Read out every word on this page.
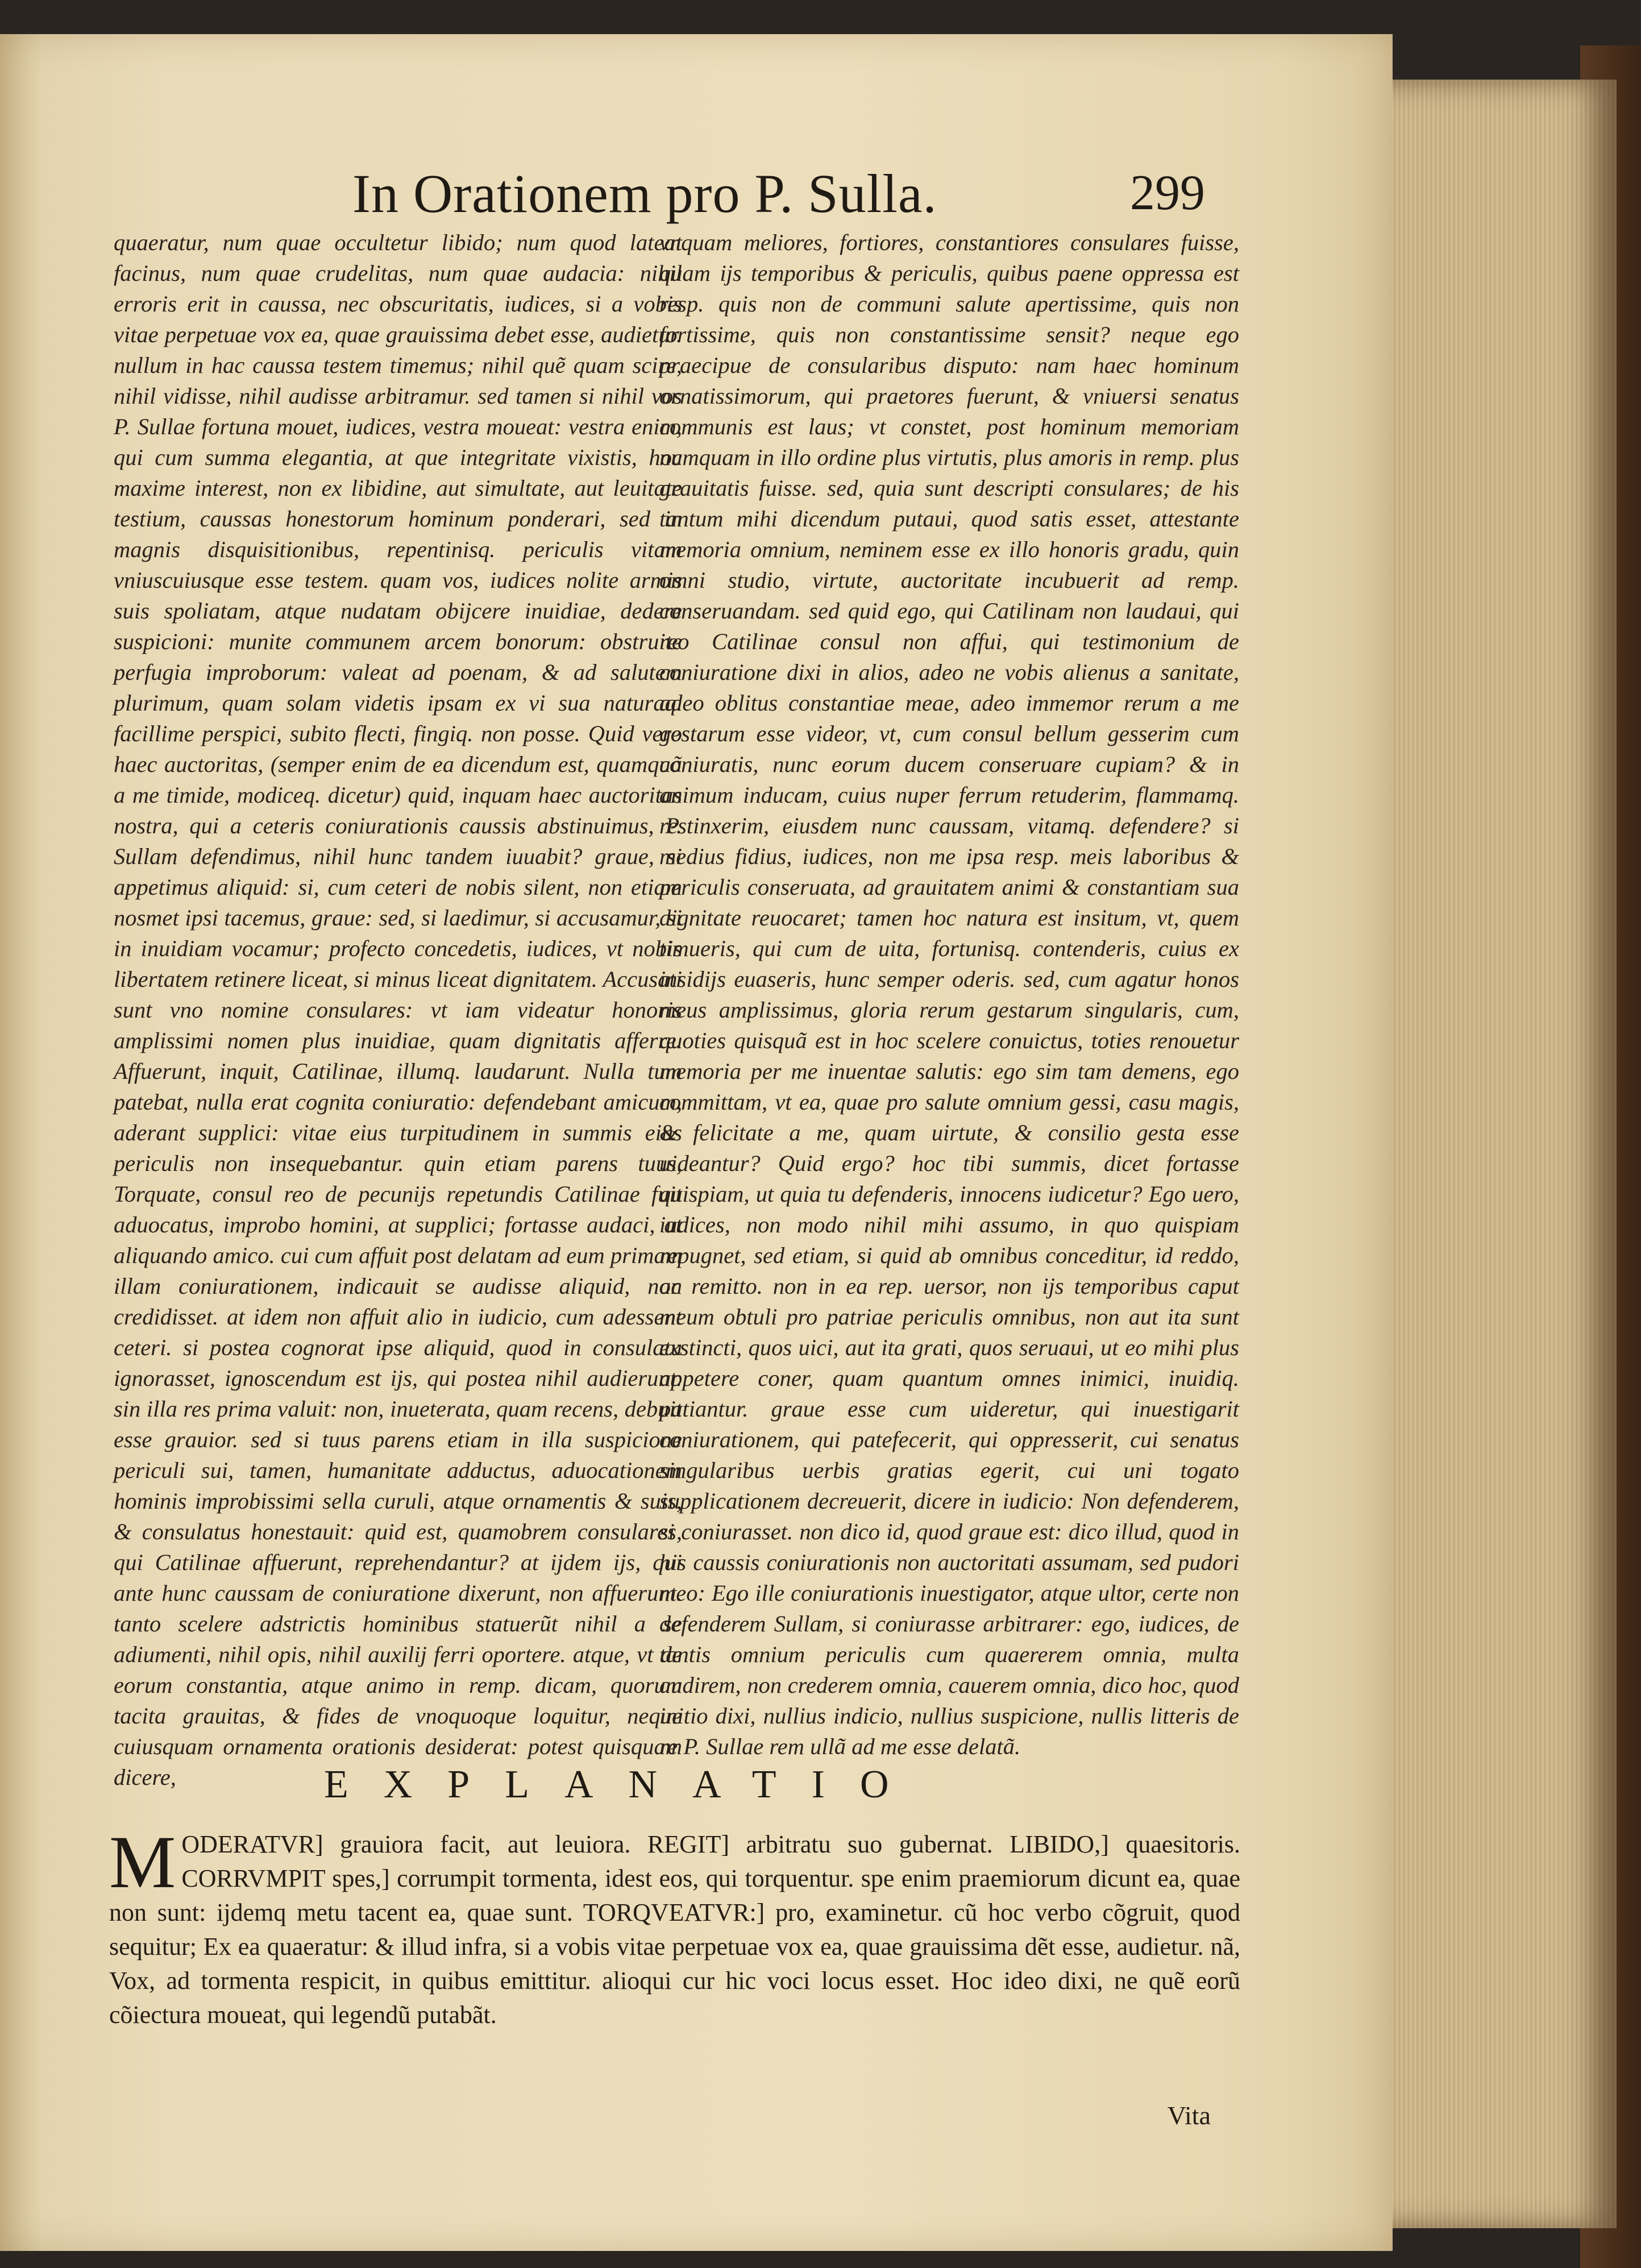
In Orationem pro P. Sulla.	299
quaeratur, num quae occultetur libido; num quod lateat facinus, num quae crudelitas, num quae audacia: nihil erroris erit in caussa, nec obscuritatis, iudices, si a vobis vitae perpetuae vox ea, quae grauissima debet esse, audietur. nullum in hac caussa testem timemus; nihil quẽ quam scire, nihil vidisse, nihil audisse arbitramur. sed tamen si nihil vos P. Sullae fortuna mouet, iudices, vestra moueat: vestra enim, qui cum summa elegantia, at que integritate vixistis, hoc maxime interest, non ex libidine, aut simultate, aut leuitate testium, caussas honestorum hominum ponderari, sed in magnis disquisitionibus, repentinisq. periculis vitam vniuscuiusque esse testem. quam vos, iudices nolite armis suis spoliatam, atque nudatam obijcere inuidiae, dedere suspicioni: munite communem arcem bonorum: obstruite perfugia improborum: valeat ad poenam, & ad salutem plurimum, quam solam videtis ipsam ex vi sua naturaq. facillime perspici, subito flecti, fingiq. non posse. Quid vero haec auctoritas, (semper enim de ea dicendum est, quamquã a me timide, modiceq. dicetur) quid, inquam haec auctoritas nostra, qui a ceteris coniurationis caussis abstinuimus, P. Sullam defendimus, nihil hunc tandem iuuabit? graue, si appetimus aliquid: si, cum ceteri de nobis silent, non etiam nosmet ipsi tacemus, graue: sed, si laedimur, si accusamur, si in inuidiam vocamur; profecto concedetis, iudices, vt nobis libertatem retinere liceat, si minus liceat dignitatem. Accusati sunt vno nomine consulares: vt iam videatur honoris amplissimi nomen plus inuidiae, quam dignitatis afferre. Affuerunt, inquit, Catilinae, illumq. laudarunt. Nulla tum patebat, nulla erat cognita coniuratio: defendebant amicum, aderant supplici: vitae eius turpitudinem in summis eius periculis non insequebantur. quin etiam parens tuus, Torquate, consul reo de pecunijs repetundis Catilinae fuit aduocatus, improbo homini, at supplici; fortasse audaci, at aliquando amico. cui cum affuit post delatam ad eum primam illam coniurationem, indicauit se audisse aliquid, non credidisset. at idem non affuit alio in iudicio, cum adessent ceteri. si postea cognorat ipse aliquid, quod in consulatu ignorasset, ignoscendum est ijs, qui postea nihil audierunt. sin illa res prima valuit: non, inueterata, quam recens, debuit esse grauior. sed si tuus parens etiam in illa suspicione periculi sui, tamen, humanitate adductus, aduocationem hominis improbissimi sella curuli, atque ornamentis & suis, & consulatus honestauit: quid est, quamobrem consulares, qui Catilinae affuerunt, reprehendantur? at ijdem ijs, qui ante hunc caussam de coniuratione dixerunt, non affuerunt. tanto scelere adstrictis hominibus statuerũt nihil a se adiumenti, nihil opis, nihil auxilij ferri oportere. atque, vt de eorum constantia, atque animo in remp. dicam, quorum tacita grauitas, & fides de vnoquoque loquitur, neque cuiusquam ornamenta orationis desiderat: potest quisquam dicere,
vnquam meliores, fortiores, constantiores consulares fuisse, quam ijs temporibus & periculis, quibus paene oppressa est resp. quis non de communi salute apertissime, quis non fortissime, quis non constantissime sensit? neque ego praecipue de consularibus disputo: nam haec hominum ornatissimorum, qui praetores fuerunt, & vniuersi senatus communis est laus; vt constet, post hominum memoriam numquam in illo ordine plus virtutis, plus amoris in remp. plus grauitatis fuisse. sed, quia sunt descripti consulares; de his tantum mihi dicendum putaui, quod satis esset, attestante memoria omnium, neminem esse ex illo honoris gradu, quin omni studio, virtute, auctoritate incubuerit ad remp. conseruandam. sed quid ego, qui Catilinam non laudaui, qui reo Catilinae consul non affui, qui testimonium de coniuratione dixi in alios, adeo ne vobis alienus a sanitate, adeo oblitus constantiae meae, adeo immemor rerum a me gestarum esse videor, vt, cum consul bellum gesserim cum coniuratis, nunc eorum ducem conseruare cupiam? & in animum inducam, cuius nuper ferrum retuderim, flammamq. restinxerim, eiusdem nunc caussam, vitamq. defendere? si medius fidius, iudices, non me ipsa resp. meis laboribus & periculis conseruata, ad grauitatem animi & constantiam sua dignitate reuocaret; tamen hoc natura est insitum, vt, quem timueris, qui cum de uita, fortunisq. contenderis, cuius ex insidijs euaseris, hunc semper oderis. sed, cum agatur honos meus amplissimus, gloria rerum gestarum singularis, cum, quoties quisquã est in hoc scelere conuictus, toties renouetur memoria per me inuentae salutis: ego sim tam demens, ego committam, vt ea, quae pro salute omnium gessi, casu magis, & felicitate a me, quam uirtute, & consilio gesta esse uideantur? Quid ergo? hoc tibi summis, dicet fortasse quispiam, ut quia tu defenderis, innocens iudicetur? Ego uero, iudices, non modo nihil mihi assumo, in quo quispiam repugnet, sed etiam, si quid ab omnibus conceditur, id reddo, ac remitto. non in ea rep. uersor, non ijs temporibus caput meum obtuli pro patriae periculis omnibus, non aut ita sunt exstincti, quos uici, aut ita grati, quos seruaui, ut eo mihi plus appetere coner, quam quantum omnes inimici, inuidiq. patiantur. graue esse cum uideretur, qui inuestigarit coniurationem, qui patefecerit, qui oppresserit, cui senatus singularibus uerbis gratias egerit, cui uni togato supplicationem decreuerit, dicere in iudicio: Non defenderem, si coniurasset. non dico id, quod graue est: dico illud, quod in his caussis coniurationis non auctoritati assumam, sed pudori meo: Ego ille coniurationis inuestigator, atque ultor, certe non defenderem Sullam, si coniurasse arbitrarer: ego, iudices, de tantis omnium periculis cum quaererem omnia, multa audirem, non crederem omnia, cauerem omnia, dico hoc, quod initio dixi, nullius indicio, nullius suspicione, nullis litteris de re P. Sullae rem ullã ad me esse delatã.
EXPLANATIO
M ODERATVR] grauiora facit, aut leuiora. REGIT] arbitratu suo gubernat. LIBIDO,] quaesitoris. CORRVMPIT spes,] corrumpit tormenta, idest eos, qui torquentur. spe enim praemiorum dicunt ea, quae non sunt: ijdemq metu tacent ea, quae sunt. TORQVEATVR:] pro, examinetur. cũ hoc verbo cõgruit, quod sequitur; Ex ea quaeratur: & illud infra, si a vobis vitae perpetuae vox ea, quae grauissima dẽt esse, audietur. nã, Vox, ad tormenta respicit, in quibus emittitur. alioqui cur hic voci locus esset. Hoc ideo dixi, ne quẽ eorũ cõiectura moueat, qui legendũ putabãt.
Vita
